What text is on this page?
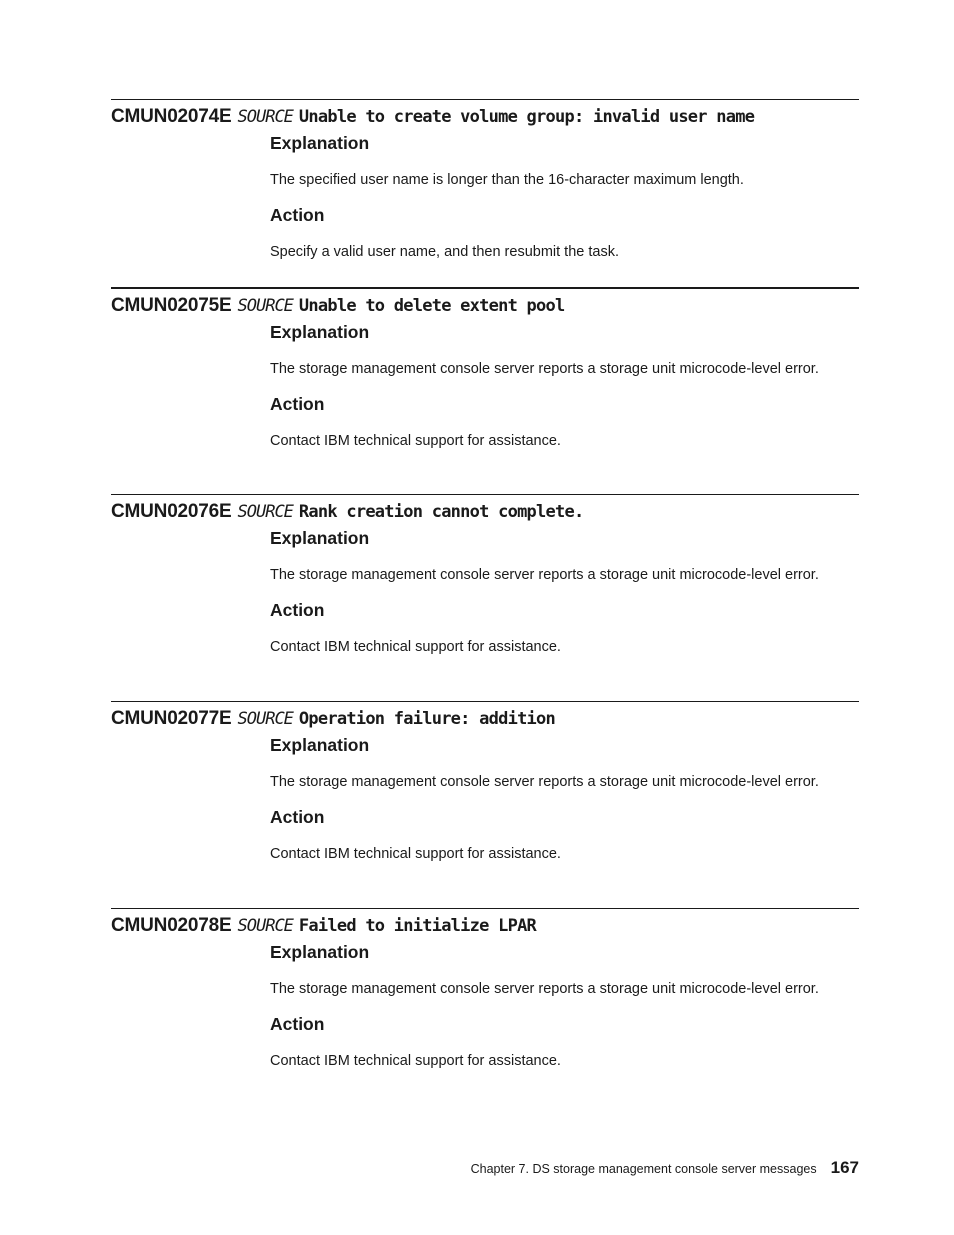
CMUN02074E SOURCE Unable to create volume group: invalid user name
Explanation
The specified user name is longer than the 16-character maximum length.
Action
Specify a valid user name, and then resubmit the task.
CMUN02075E SOURCE Unable to delete extent pool
Explanation
The storage management console server reports a storage unit microcode-level error.
Action
Contact IBM technical support for assistance.
CMUN02076E SOURCE Rank creation cannot complete.
Explanation
The storage management console server reports a storage unit microcode-level error.
Action
Contact IBM technical support for assistance.
CMUN02077E SOURCE Operation failure: addition
Explanation
The storage management console server reports a storage unit microcode-level error.
Action
Contact IBM technical support for assistance.
CMUN02078E SOURCE Failed to initialize LPAR
Explanation
The storage management console server reports a storage unit microcode-level error.
Action
Contact IBM technical support for assistance.
Chapter 7. DS storage management console server messages 167
